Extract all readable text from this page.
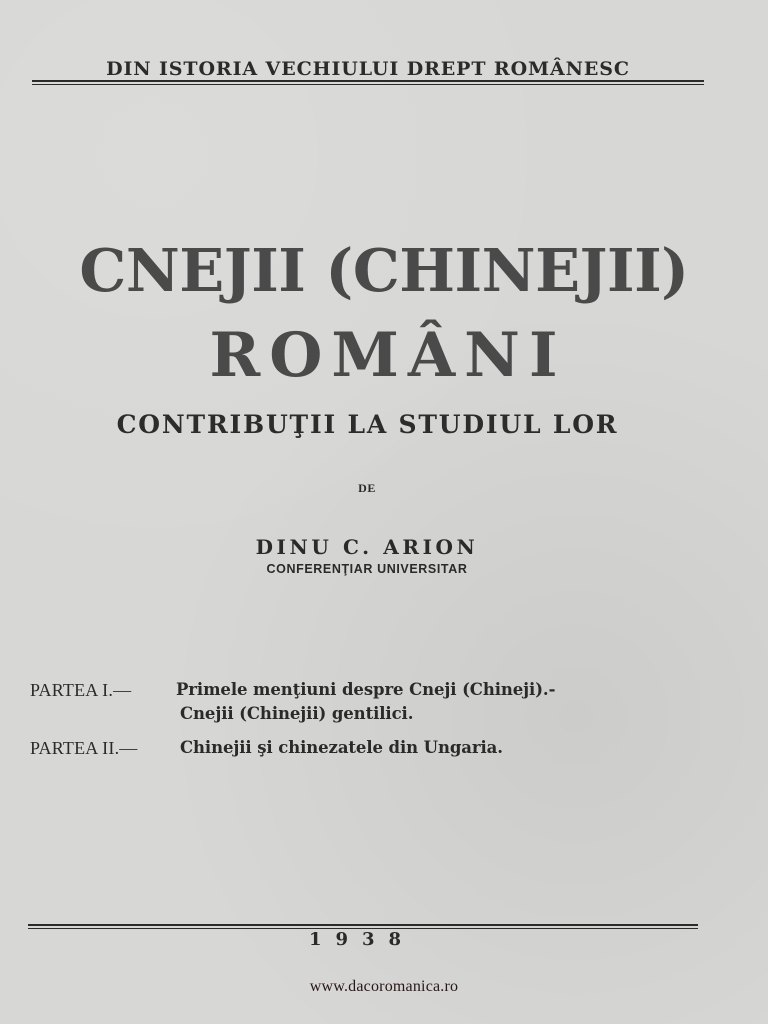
DIN ISTORIA VECHIULUI DREPT ROMÂNESC
CNEJII (CHINEJII)
ROMÂNI
CONTRIBUŢII LA STUDIUL LOR
DE
DINU C. ARION
CONFERENŢIAR UNIVERSITAR
PARTEA I.—	Primele menţiuni despre Cneji (Chineji).-
Cnejii (Chinejii) gentilici.
PARTEA II.—	Chinejii şi chinezatele din Ungaria.
1938
www.dacoromanica.ro
